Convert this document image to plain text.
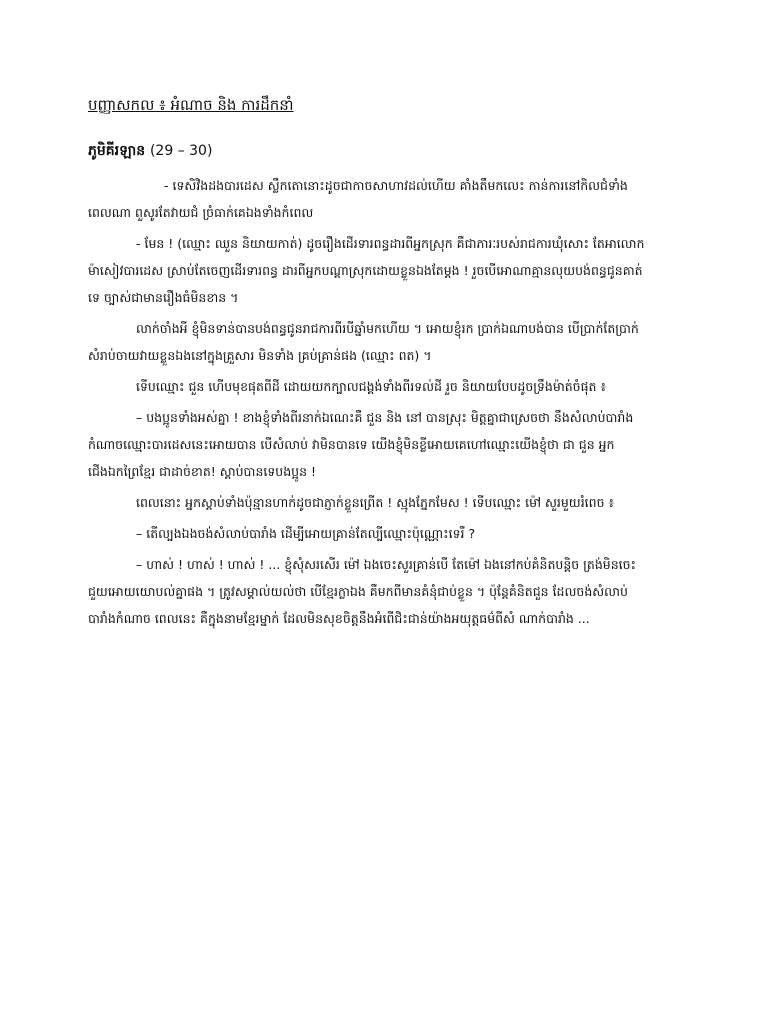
បញ្ញាសកល ៖ អំណាច និង ការដឹកនាំ
ភូមិគីរឡាន (29 – 30)

- ទេសិវិងដងបារដេស ស្លឹកតោនោះដូចជាកាចសាហាវដល់ហើយ គាំងតឹមកលេះ កាន់ការនៅកិលជំទាំងពេលណា ពួសូរតែវាយជំ ច្រំធាក់គេឯងទាំងកំពេល

- មែន ! (ឈ្មោះ ឈួន និយាយកាត់) ដូចរឿងដើរទារពន្ធដារពីអ្នកស្រុក គឺជាភារៈរបស់រាជការឃុំសោះ តែអាលោកម៉ាសៀវបារដេស ស្រាប់តែចេញដើរទារពន្ធ ដារពីអ្នកបណ្តាស្រុកដោយខ្លួនឯងតែម្ដង ! រួចបើអោណាគ្មានលុយបង់ពន្ធជូនគាត់ទេ ច្បាស់ជាមានរឿងធំមិនខាន ។

លាក់ចាំងអី ខ្ញុំមិនទាន់បានបង់ពន្ធជូនរាជការពីរបីឆ្នាំមកហើយ ។ អោយខ្ញុំរក ប្រាក់ឯណាបង់បាន បើប្រាក់តែប្រាក់សំរាប់ចាយវាយខ្លួនឯងនៅក្នុងគ្រួសារ មិនទាំង គ្រប់គ្រាន់ផង (ឈ្មោះ ពត) ។

ទើបឈ្មោះ ជួន ហើបមុខផុតពីដី ដោយយកក្បាលជង្គង់ទាំងពីរទល់ដី រួច និយាយបែបដូចទ្រឹងម៉ាត់ចំផុត ៖

– បងប្អូនទាំងអស់គ្នា ! ខាងខ្ញុំទាំងពីរនាក់ឯណេះគឺ ជួន និង នៅ បានស្រុះ មិត្តគ្នាជាស្រេចថា នឹងសំលាប់បារាំងកំណាចឈ្មោះបារដេសនេះអោយបាន បើសំលាប់ វាមិនបានទេ យើងខ្ញុំមិនខ្លីអោយគេហៅឈ្មោះយើងខ្ញុំថា ជា ជួន អ្នកជើងឯកព្រៃខ្មែរ ជាដាច់ខាត! ស្ដាប់បានទេបងប្អូន !

ពេលនោះ អ្នកស្ដាប់ទាំងប៉ុន្មានហាក់ដូចជាភ្ញាក់ខ្លួនព្រើត ! ស្មុងភ្នែកមែស ! ទើបឈ្មោះ ម៉ៅ សួរមួយរំពេច ៖

– តើល្បងឯងចង់សំលាប់បារាំង ដើម្បីអោយគ្រាន់តែល្បីឈ្មោះប៉ុណ្ណោះទេរឺ ?

– ហាស់ ! ហាស់ ! ហាស់ ! ... ខ្ញុំសុំសរសើរ ម៉ៅ ឯងចេះសួរគ្រាន់បើ តែម៉ៅ ឯងនៅកប់គំនិតបន្តិច ត្រង់មិនចេះជួយអោយយោបល់គ្នាផង ។ ត្រូវសម្គាល់យល់ថា បើខ្មែរក្លាឯង គឺមកពីមានគំនុំជាប់ខ្លួន ។ ប៉ុន្តែគំនិតជួន ដែលចង់សំលាប់បារាំងកំណាច ពេលនេះ គឺក្នុងនាមខ្មែរម្នាក់ ដែលមិនសុខចិត្តនឹងអំពើជិះជាន់យ៉ាងអយុត្តធម៌ពីសំ ណាក់បារាំង ...
